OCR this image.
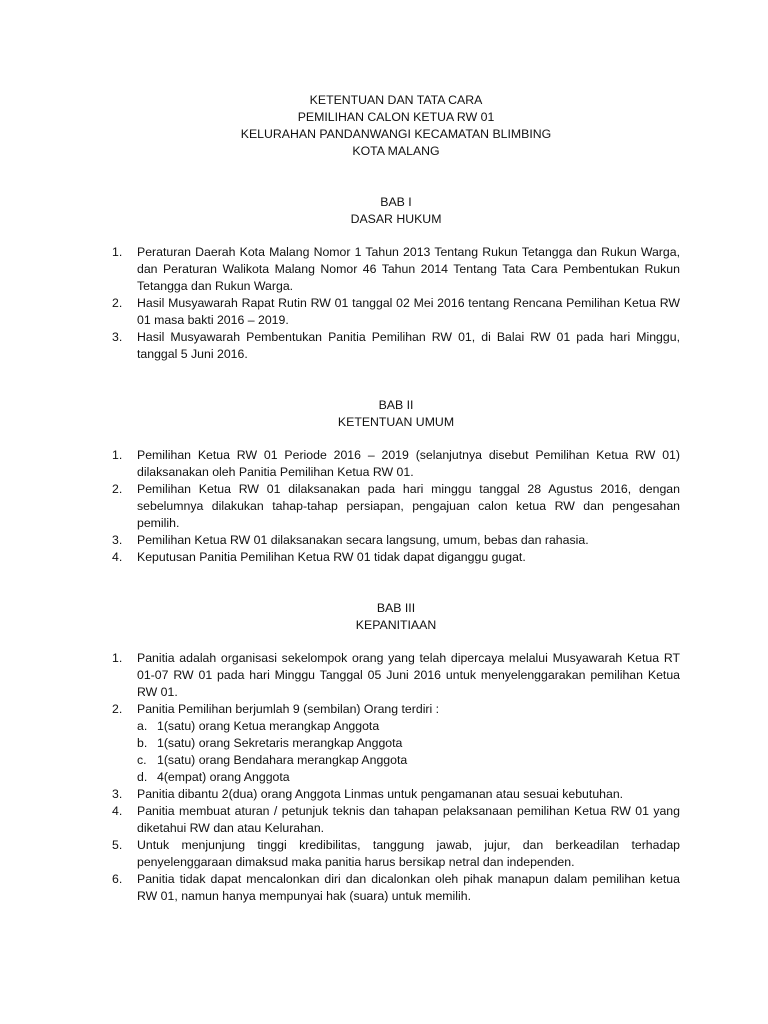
KETENTUAN DAN TATA CARA
PEMILIHAN CALON KETUA RW 01
KELURAHAN PANDANWANGI KECAMATAN BLIMBING
KOTA MALANG
BAB I
DASAR HUKUM
1. Peraturan Daerah Kota Malang Nomor 1 Tahun 2013 Tentang Rukun Tetangga dan Rukun Warga, dan Peraturan Walikota Malang Nomor 46 Tahun 2014 Tentang Tata Cara Pembentukan Rukun Tetangga dan Rukun Warga.
2. Hasil Musyawarah Rapat Rutin RW 01 tanggal 02 Mei 2016 tentang Rencana Pemilihan Ketua RW 01 masa bakti 2016 – 2019.
3. Hasil Musyawarah Pembentukan Panitia Pemilihan RW 01, di Balai RW 01 pada hari Minggu, tanggal 5 Juni 2016.
BAB II
KETENTUAN UMUM
1. Pemilihan Ketua RW 01 Periode 2016 – 2019 (selanjutnya disebut Pemilihan Ketua RW 01) dilaksanakan oleh Panitia Pemilihan Ketua RW 01.
2. Pemilihan Ketua RW 01 dilaksanakan pada hari minggu tanggal 28 Agustus 2016, dengan sebelumnya dilakukan tahap-tahap persiapan, pengajuan calon ketua RW dan pengesahan pemilih.
3. Pemilihan Ketua RW 01 dilaksanakan secara langsung, umum, bebas dan rahasia.
4. Keputusan Panitia Pemilihan Ketua RW 01 tidak dapat diganggu gugat.
BAB III
KEPANITIAAN
1. Panitia adalah organisasi sekelompok orang yang telah dipercaya melalui Musyawarah Ketua RT 01-07 RW 01 pada hari Minggu Tanggal 05 Juni 2016 untuk menyelenggarakan pemilihan Ketua RW 01.
2. Panitia Pemilihan berjumlah 9 (sembilan) Orang terdiri :
a. 1(satu) orang Ketua merangkap Anggota
b. 1(satu) orang Sekretaris merangkap Anggota
c. 1(satu) orang Bendahara merangkap Anggota
d. 4(empat) orang Anggota
3. Panitia dibantu 2(dua) orang Anggota Linmas untuk pengamanan atau sesuai kebutuhan.
4. Panitia membuat aturan / petunjuk teknis dan tahapan pelaksanaan pemilihan Ketua RW 01 yang diketahui RW dan atau Kelurahan.
5. Untuk menjunjung tinggi kredibilitas, tanggung jawab, jujur, dan berkeadilan terhadap penyelenggaraan dimaksud maka panitia harus bersikap netral dan independen.
6. Panitia tidak dapat mencalonkan diri dan dicalonkan oleh pihak manapun dalam pemilihan ketua RW 01, namun hanya mempunyai hak (suara) untuk memilih.
